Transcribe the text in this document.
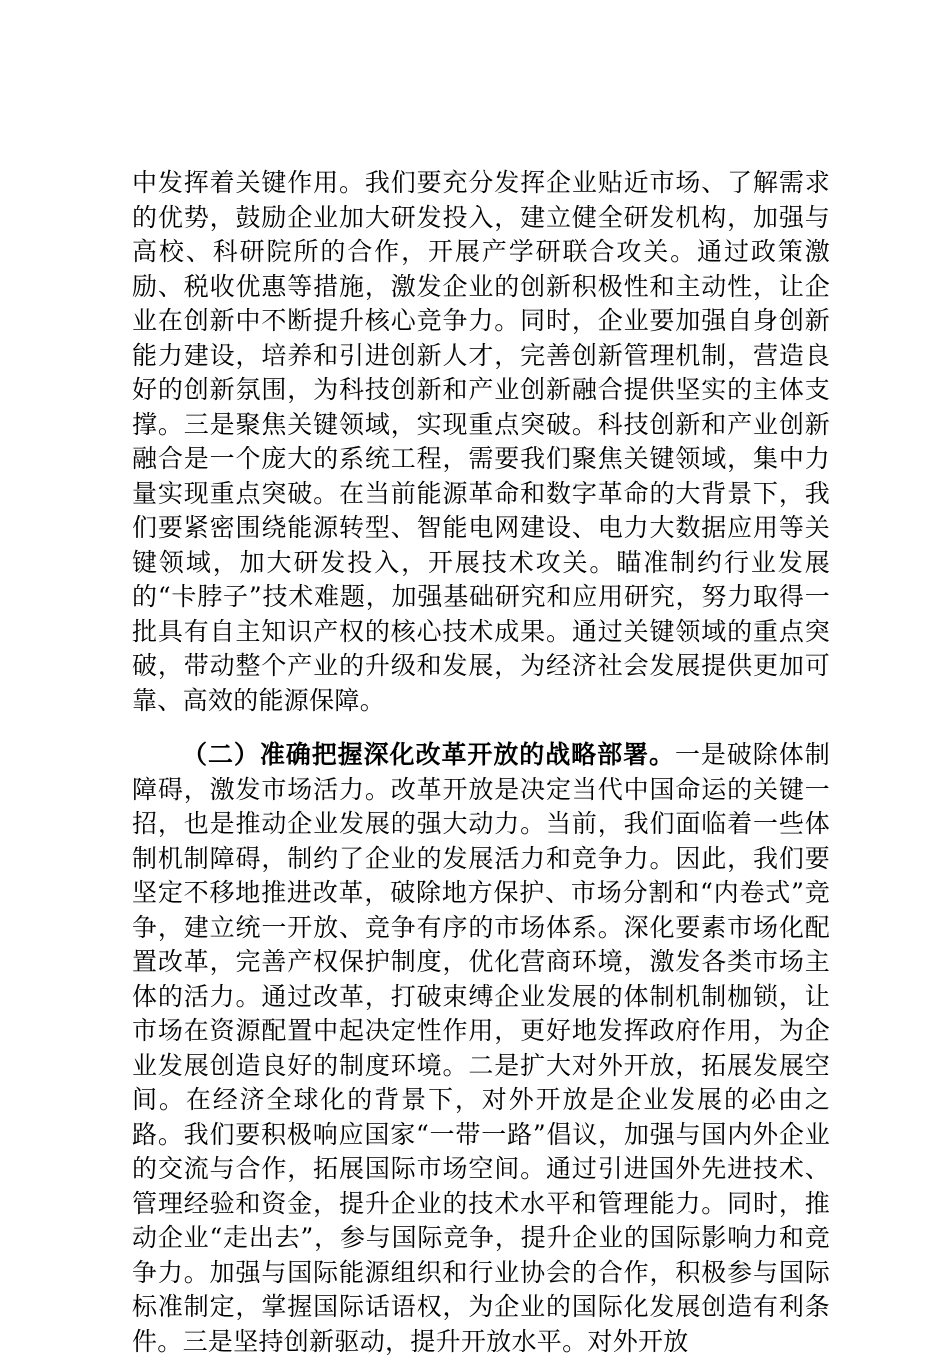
中发挥着关键作用。我们要充分发挥企业贴近市场、了解需求的优势，鼓励企业加大研发投入，建立健全研发机构，加强与高校、科研院所的合作，开展产学研联合攻关。通过政策激励、税收优惠等措施，激发企业的创新积极性和主动性，让企业在创新中不断提升核心竞争力。同时，企业要加强自身创新能力建设，培养和引进创新人才，完善创新管理机制，营造良好的创新氛围，为科技创新和产业创新融合提供坚实的主体支撑。三是聚焦关键领域，实现重点突破。科技创新和产业创新融合是一个庞大的系统工程，需要我们聚焦关键领域，集中力量实现重点突破。在当前能源革命和数字革命的大背景下，我们要紧密围绕能源转型、智能电网建设、电力大数据应用等关键领域，加大研发投入，开展技术攻关。瞄准制约行业发展的“卡脖子”技术难题，加强基础研究和应用研究，努力取得一批具有自主知识产权的核心技术成果。通过关键领域的重点突破，带动整个产业的升级和发展，为经济社会发展提供更加可靠、高效的能源保障。

（二）准确把握深化改革开放的战略部署。一是破除体制障碍，激发市场活力。改革开放是决定当代中国命运的关键一招，也是推动企业发展的强大动力。当前，我们面临着一些体制机制障碍，制约了企业的发展活力和竞争力。因此，我们要坚定不移地推进改革，破除地方保护、市场分割和“内卷式”竞争，建立统一开放、竞争有序的市场体系。深化要素市场化配置改革，完善产权保护制度，优化营商环境，激发各类市场主体的活力。通过改革，打破束缚企业发展的体制机制枷锁，让市场在资源配置中起决定性作用，更好地发挥政府作用，为企业发展创造良好的制度环境。二是扩大对外开放，拓展发展空间。在经济全球化的背景下，对外开放是企业发展的必由之路。我们要积极响应国家“一带一路”倡议，加强与国内外企业的交流与合作，拓展国际市场空间。通过引进国外先进技术、管理经验和资金，提升企业的技术水平和管理能力。同时，推动企业“走出去”，参与国际竞争，提升企业的国际影响力和竞争力。加强与国际能源组织和行业协会的合作，积极参与国际标准制定，掌握国际话语权，为企业的国际化发展创造有利条件。三是坚持创新驱动，提升开放水平。对外开放
